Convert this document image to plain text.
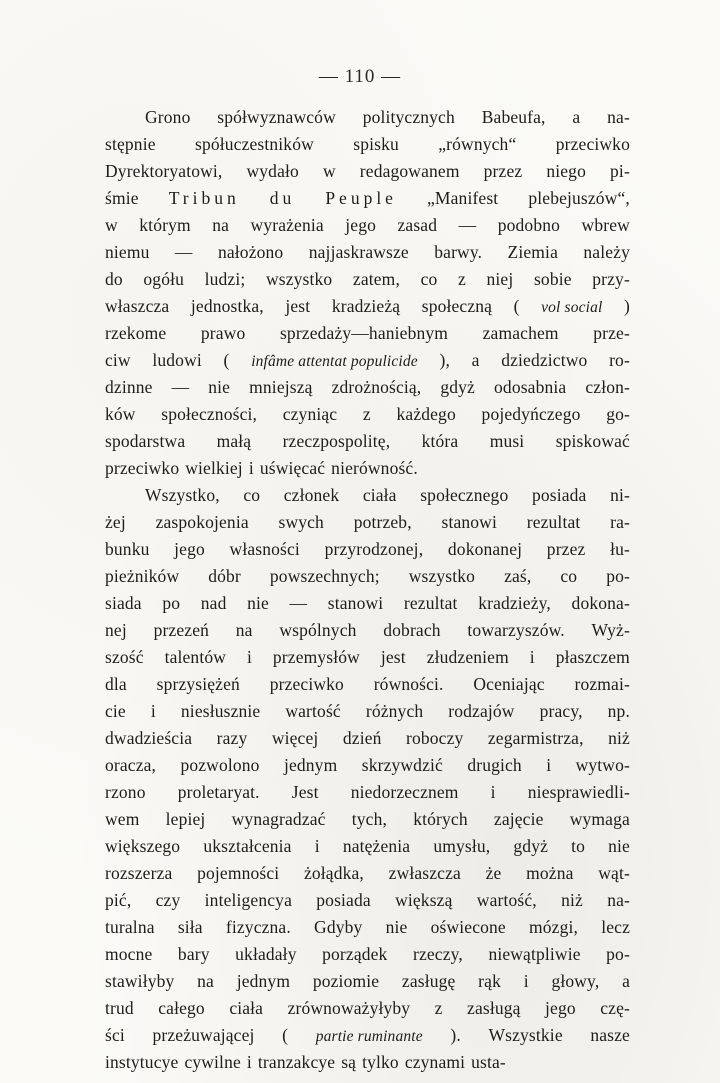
— 110 —
Grono spółwyznawców politycznych Babeufa, a na-
stępnie spółuczestników spisku „równych“ przeciwko
Dyrektoryatowi, wydało w redagowanem przez niego pi-
śmie Tribun du Peuple „Manifest plebejuszów“,
w którym na wyrażenia jego zasad — podobno wbrew
niemu — nałożono najjaskrawsze barwy. Ziemia należy
do ogółu ludzi; wszystko zatem, co z niej sobie przy-
właszcza jednostka, jest kradzieżą społeczną ( vol social )
rzekome prawo sprzedaży—haniebnym zamachem prze-
ciw ludowi ( infâme attentat populicide ), a dziedzictwo ro-
dzinne — nie mniejszą zdrożnością, gdyż odosabnia człon-
ków społeczności, czyniąc z każdego pojedyńczego go-
spodarstwa małą rzeczpospolitę, która musi spiskować
przeciwko wielkiej i uświęcać nierówność.
Wszystko, co członek ciała społecznego posiada ni-
żej zaspokojenia swych potrzeb, stanowi rezultat ra-
bunku jego własności przyrodzonej, dokonanej przez łu-
pieżników dóbr powszechnych; wszystko zaś, co po-
siada po nad nie — stanowi rezultat kradzieży, dokona-
nej przezeń na wspólnych dobrach towarzyszów. Wyż-
szość talentów i przemysłów jest złudzeniem i płaszczem
dla sprzysiężeń przeciwko równości. Oceniając rozmai-
cie i niesłusznie wartość różnych rodzajów pracy, np.
dwadzieścia razy więcej dzień roboczy zegarmistrza, niż
oracza, pozwolono jednym skrzywdzić drugich i wytwo-
rzono proletaryat. Jest niedorzecznem i niesprawiedli-
wem lepiej wynagradzać tych, których zajęcie wymaga
większego ukształcenia i natężenia umysłu, gdyż to nie
rozszerza pojemności żołądka, zwłaszcza że można wąt-
pić, czy inteligencya posiada większą wartość, niż na-
turalna siła fizyczna. Gdyby nie oświecone mózgi, lecz
mocne bary układały porządek rzeczy, niewątpliwie po-
stawiłyby na jednym poziomie zasługę rąk i głowy, a
trud całego ciała zrównoważyłyby z zasługą jego czę-
ści przeżuwającej ( partie ruminante ). Wszystkie nasze
instytucye cywilne i tranzakcye są tylko czynami usta-
